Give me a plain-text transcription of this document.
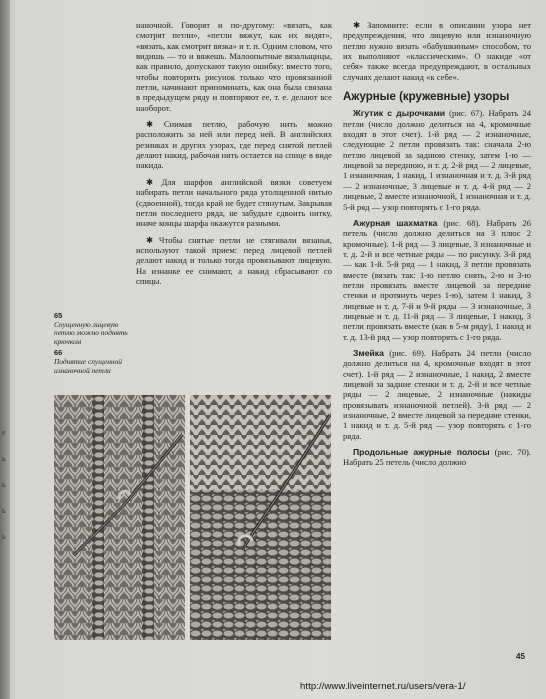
е
ь
ь
ь
ь

наночной. Говорят и по-другому: «вязать, как смотрят петли», «петли вяжут, как их видят», «вязать, как смотрит вязка» и т. п. Одним словом, что видишь — то и вяжешь. Малоопытные вязальщицы, как правило, допускают такую ошибку: вместо того, чтобы повторить рисунок только что провязанной петли, начинают припоминать, как она была связана в предыдущем ряду и повторяют ее, т. е. делают все наоборот.

✱ Снимая петлю, рабочую нить можно расположить за ней или перед ней. В английских резинках и других узорах, где перед снятой петлей делают накид, рабочая нить остается на спице в виде накида.

✱ Для шарфов английской вязки советуем набирать петли начального ряда утолщенной нитью (сдвоенной), тогда край не будет стянутым. Закрывая петли последнего ряда, не забудьте сдвоить нитку, иначе концы шарфа окажутся разными.

✱ Чтобы снятые петли не стягивали вязанья, используют такой прием: перед лицевой петлей делают накид и только тогда провязывают лицевую. На изнанке ее снимают, а накид сбрасывают со спицы.

65
Спущенную лицевую петлю можно поднять крючком
66
Поднятие спущенной изнаночной петли

✱ Запомните: если в описании узора нет предупреждения, что лицевую или изнаночную петлю нужно вязать «бабушкиным» способом, то их выполняют «классическим». О накиде «от себя» также всегда предупреждают, в остальных случаях делают накид «к себе».

Ажурные (кружевные) узоры

Жгутик с дырочками (рис. 67). Набрать 24 петли (число должно делиться на 4, кромочные входят в этот счет). 1-й ряд — 2 изнаночные, следующие 2 петли провязать так: сначала 2-ю петлю лицевой за заднюю стенку, затем 1-ю — лицевой за переднюю, и т. д. 2-й ряд — 2 лицевые, 1 изнаночная, 1 накид, 1 изнаночная и т. д. 3-й ряд — 2 изнаночные, 3 лицевые и т. д. 4-й ряд — 2 лицевые, 2 вместе изнаночной, 1 изнаночная и т. д. 5-й ряд — узор повторять с 1-го ряда.

Ажурная шахматка (рис. 68). Набрать 26 петель (число должно делиться на 3 плюс 2 кромочные). 1-й ряд — 3 лицевые, 3 изнаночные и т. д. 2-й и все четные ряды — по рисунку. 3-й ряд — как 1-й. 5-й ряд — 1 накид, 3 петли провязать вместе (вязать так: 1-ю петлю снять, 2-ю и 3-ю петли провязать вместе лицевой за передние стенки и протянуть через 1-ю), затем 1 накид, 3 лицевые и т. д. 7-й и 9-й ряды — 3 изнаночные, 3 лицевые и т. д. 11-й ряд — 3 лицевые, 1 накид, 3 петли провязать вместе (как в 5-м ряду), 1 накид и т. д. 13-й ряд — узор повторять с 1-го ряда.

Змейка (рис. 69). Набрать 24 петли (число должно делиться на 4, кромочные входят в этот счет). 1-й ряд — 2 изнаночные, 1 накид, 2 вместе лицевой за задние стенки и т. д. 2-й и все четные ряды — 2 лицевые, 2 изнаночные (накиды провязывать изнаночной петлей). 3-й ряд — 2 изнаночные, 2 вместе лицевой за передние стенки, 1 накид и т. д. 5-й ряд — узор повторять с 1-го ряда.

Продольные ажурные полосы (рис. 70). Набрать 25 петель (число должно

45
http://www.liveinternet.ru/users/vera-1/
